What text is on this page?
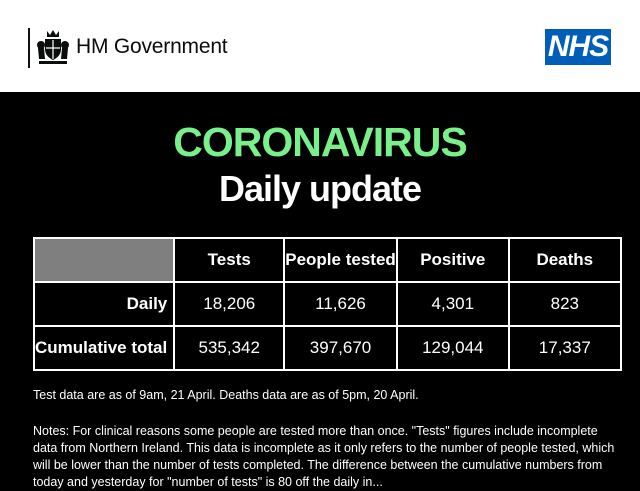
HM Government	NHS
CORONAVIRUS
Daily update
	Tests	People tested	Positive	Deaths
Daily	18,206	11,626	4,301	823
Cumulative total	535,342	397,670	129,044	17,337
Test data are as of 9am, 21 April. Deaths data are as of 5pm, 20 April.
Notes: For clinical reasons some people are tested more than once. "Tests" figures include incomplete data from Northern Ireland. This data is incomplete as it only refers to the number of people tested, which will be lower than the number of tests completed. The difference between the cumulative numbers from today and yesterday for "number of tests" is 80 off the daily in...
